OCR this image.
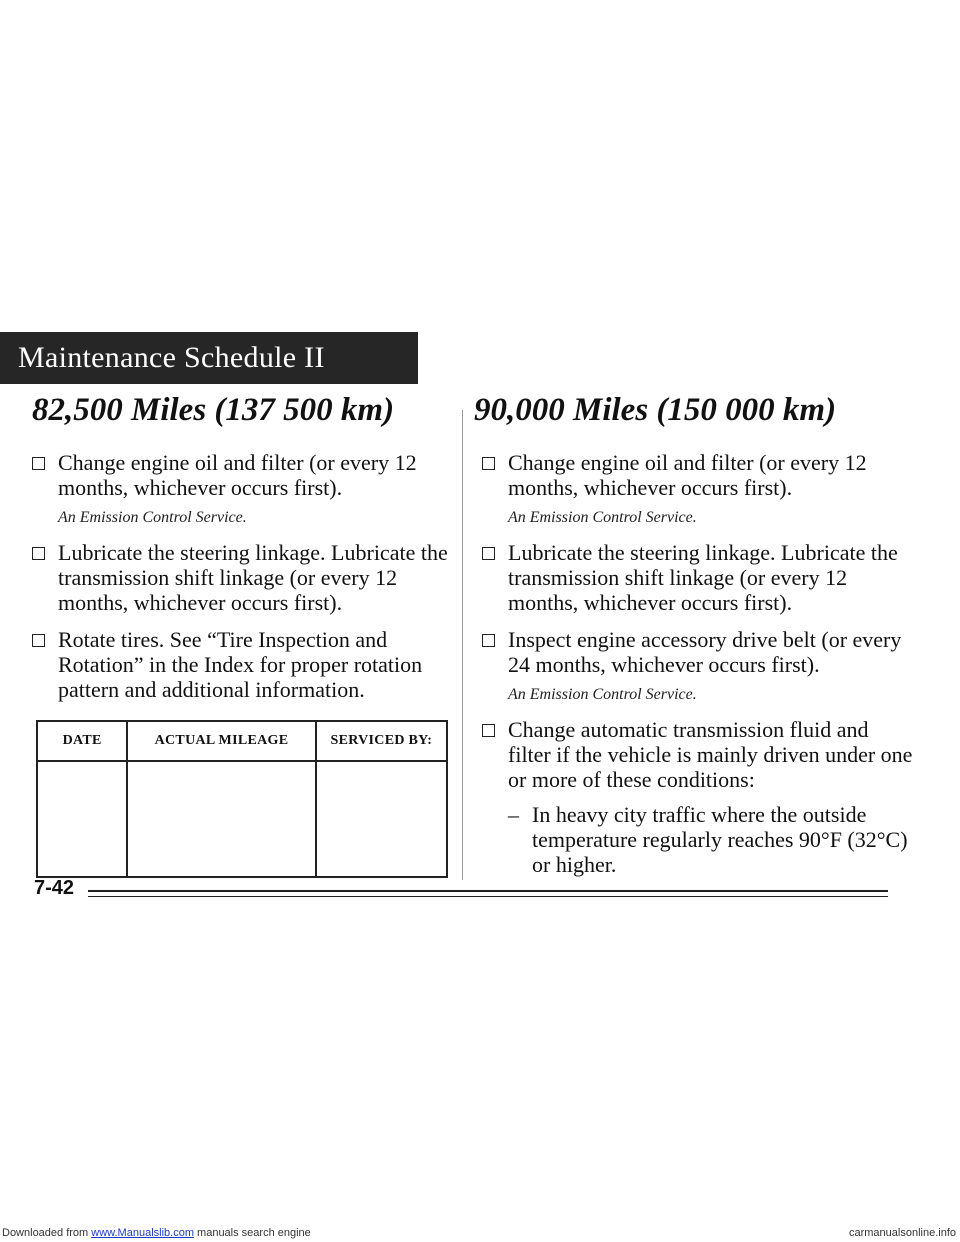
Maintenance Schedule II
82,500 Miles (137 500 km)
Change engine oil and filter (or every 12 months, whichever occurs first).
An Emission Control Service.
Lubricate the steering linkage. Lubricate the transmission shift linkage (or every 12 months, whichever occurs first).
Rotate tires. See “Tire Inspection and Rotation” in the Index for proper rotation pattern and additional information.
DATE	ACTUAL MILEAGE	SERVICED BY:

90,000 Miles (150 000 km)
Change engine oil and filter (or every 12 months, whichever occurs first).
An Emission Control Service.
Lubricate the steering linkage. Lubricate the transmission shift linkage (or every 12 months, whichever occurs first).
Inspect engine accessory drive belt (or every 24 months, whichever occurs first).
An Emission Control Service.
Change automatic transmission fluid and filter if the vehicle is mainly driven under one or more of these conditions:
– In heavy city traffic where the outside temperature regularly reaches 90°F (32°C) or higher.
7-42
Downloaded from www.Manualslib.com manuals search engine	carmanualsonline.info
